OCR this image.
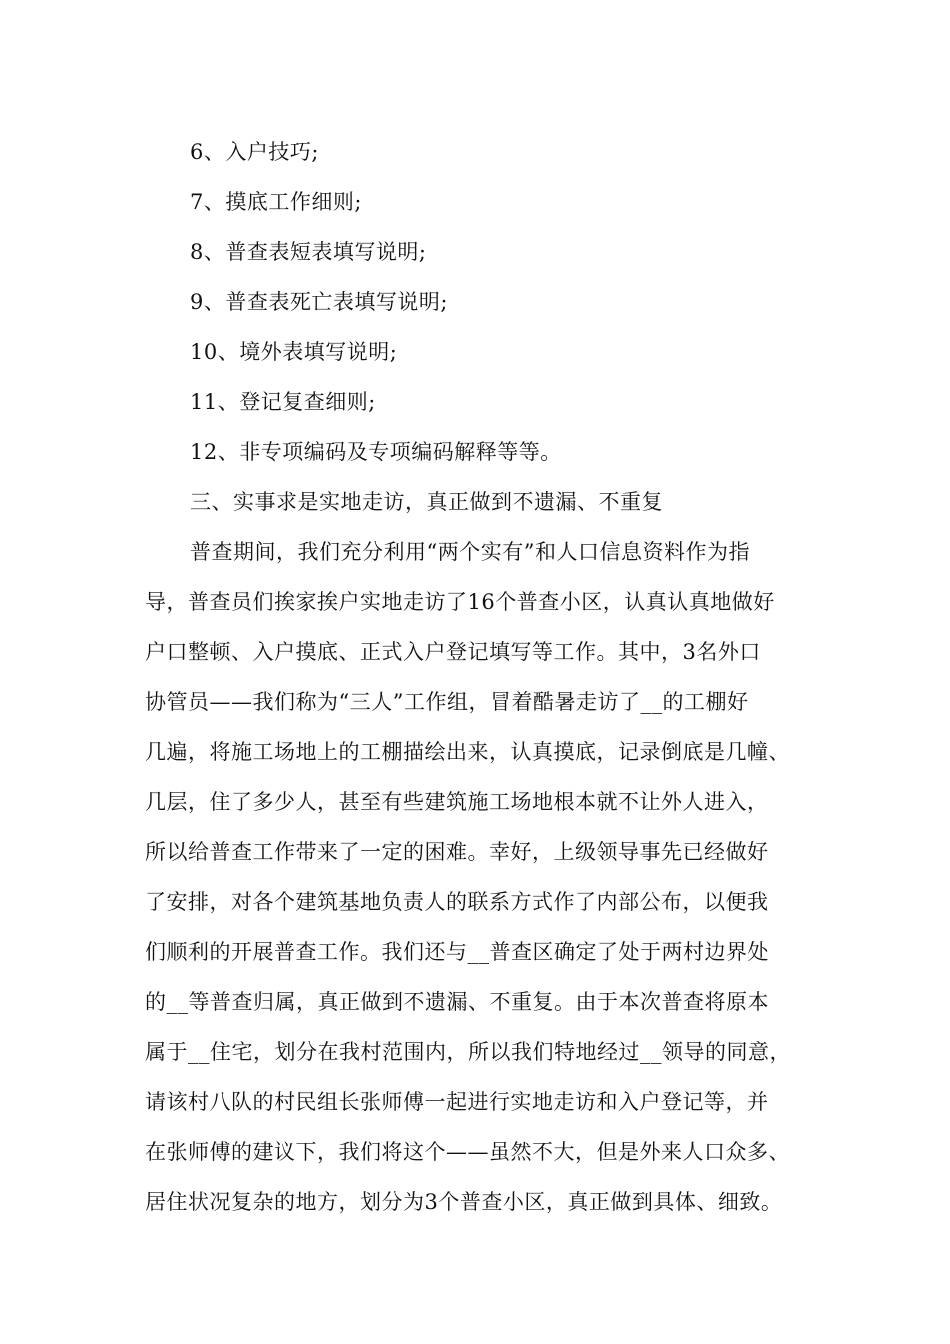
6、入户技巧;
7、摸底工作细则;
8、普查表短表填写说明;
9、普查表死亡表填写说明;
10、境外表填写说明;
11、登记复查细则;
12、非专项编码及专项编码解释等等。
三、实事求是实地走访，真正做到不遗漏、不重复
普查期间，我们充分利用“两个实有”和人口信息资料作为指
导，普查员们挨家挨户实地走访了16个普查小区，认真认真地做好
户口整顿、入户摸底、正式入户登记填写等工作。其中，3名外口
协管员——我们称为“三人”工作组，冒着酷暑走访了__的工棚好
几遍，将施工场地上的工棚描绘出来，认真摸底，记录倒底是几幢、
几层，住了多少人，甚至有些建筑施工场地根本就不让外人进入，
所以给普查工作带来了一定的困难。幸好，上级领导事先已经做好
了安排，对各个建筑基地负责人的联系方式作了内部公布，以便我
们顺利的开展普查工作。我们还与__普查区确定了处于两村边界处
的__等普查归属，真正做到不遗漏、不重复。由于本次普查将原本
属于__住宅，划分在我村范围内，所以我们特地经过__领导的同意，
请该村八队的村民组长张师傅一起进行实地走访和入户登记等，并
在张师傅的建议下，我们将这个——虽然不大，但是外来人口众多、
居住状况复杂的地方，划分为3个普查小区，真正做到具体、细致。
